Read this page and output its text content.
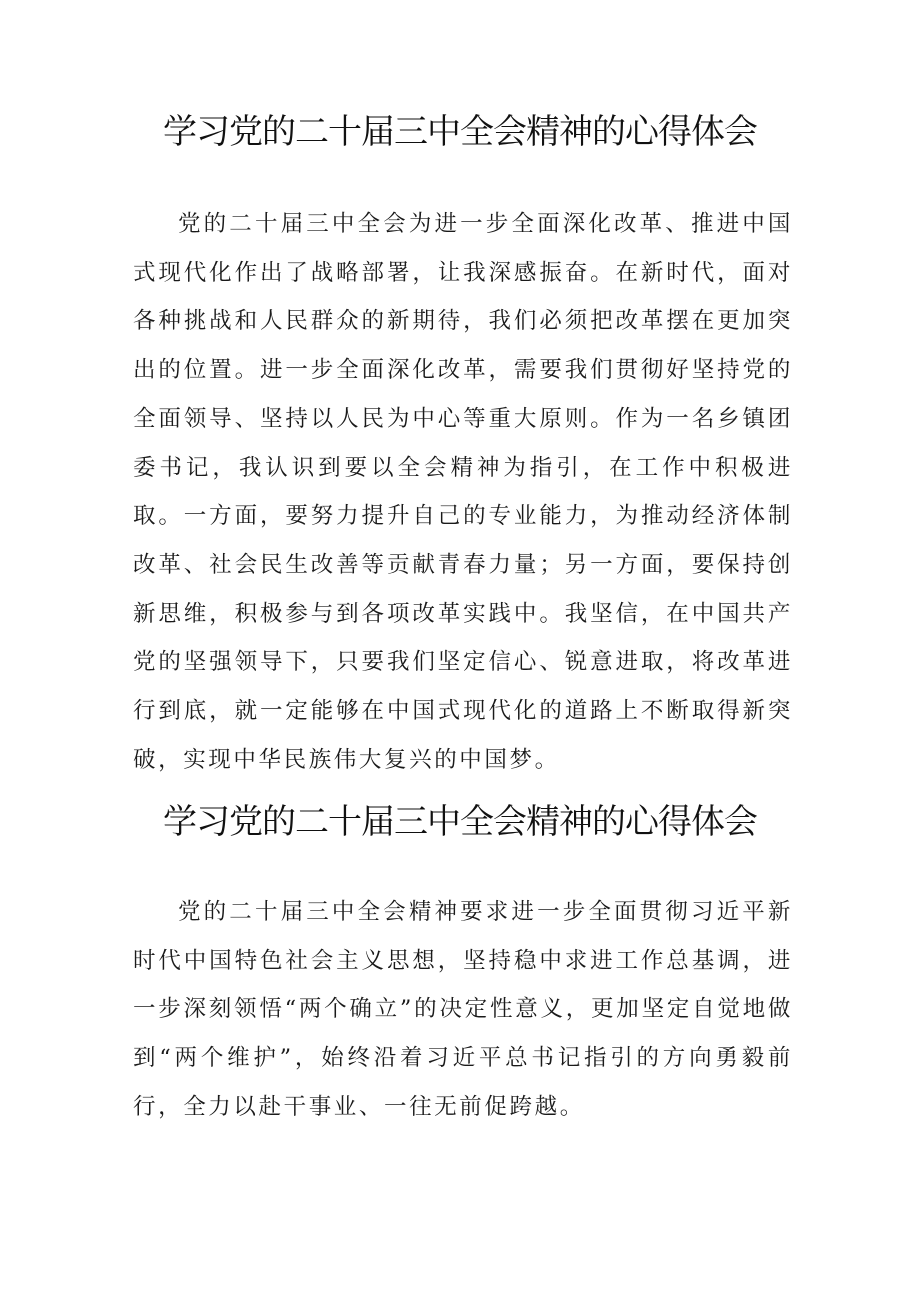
学习党的二十届三中全会精神的心得体会

党的二十届三中全会为进一步全面深化改革、推进中国式现代化作出了战略部署，让我深感振奋。在新时代，面对各种挑战和人民群众的新期待，我们必须把改革摆在更加突出的位置。进一步全面深化改革，需要我们贯彻好坚持党的全面领导、坚持以人民为中心等重大原则。作为一名乡镇团委书记，我认识到要以全会精神为指引，在工作中积极进取。一方面，要努力提升自己的专业能力，为推动经济体制改革、社会民生改善等贡献青春力量；另一方面，要保持创新思维，积极参与到各项改革实践中。我坚信，在中国共产党的坚强领导下，只要我们坚定信心、锐意进取，将改革进行到底，就一定能够在中国式现代化的道路上不断取得新突破，实现中华民族伟大复兴的中国梦。

学习党的二十届三中全会精神的心得体会

党的二十届三中全会精神要求进一步全面贯彻习近平新时代中国特色社会主义思想，坚持稳中求进工作总基调，进一步深刻领悟“两个确立”的决定性意义，更加坚定自觉地做到“两个维护”，始终沿着习近平总书记指引的方向勇毅前行，全力以赴干事业、一往无前促跨越。
